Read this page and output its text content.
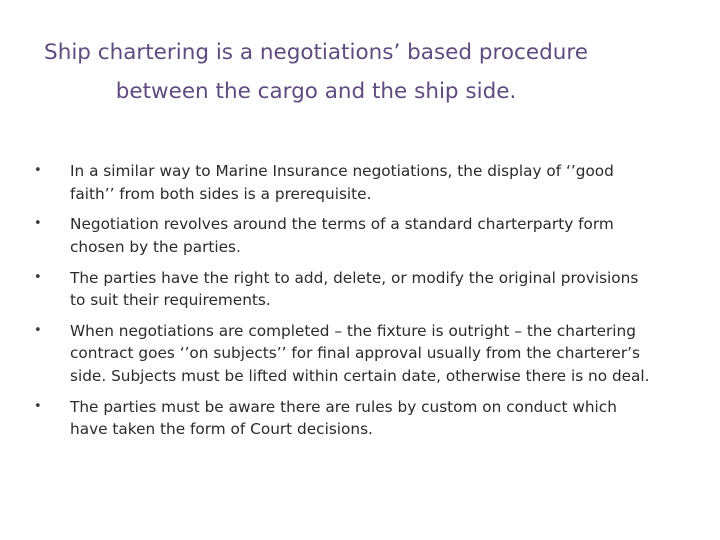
Ship chartering is a negotiations’ based procedure
between the cargo and the ship side.
•	In a similar way to Marine Insurance negotiations, the display of ‘’good
faith’’ from both sides is a prerequisite.
•	Negotiation revolves around the terms of a standard charterparty form
chosen by the parties.
•	The parties have the right to add, delete, or modify the original provisions
to suit their requirements.
•	When negotiations are completed – the fixture is outright – the chartering
contract goes ‘’on subjects’’ for final approval usually from the charterer’s
side. Subjects must be lifted within certain date, otherwise there is no deal.
•	The parties must be aware there are rules by custom on conduct which
have taken the form of Court decisions.
